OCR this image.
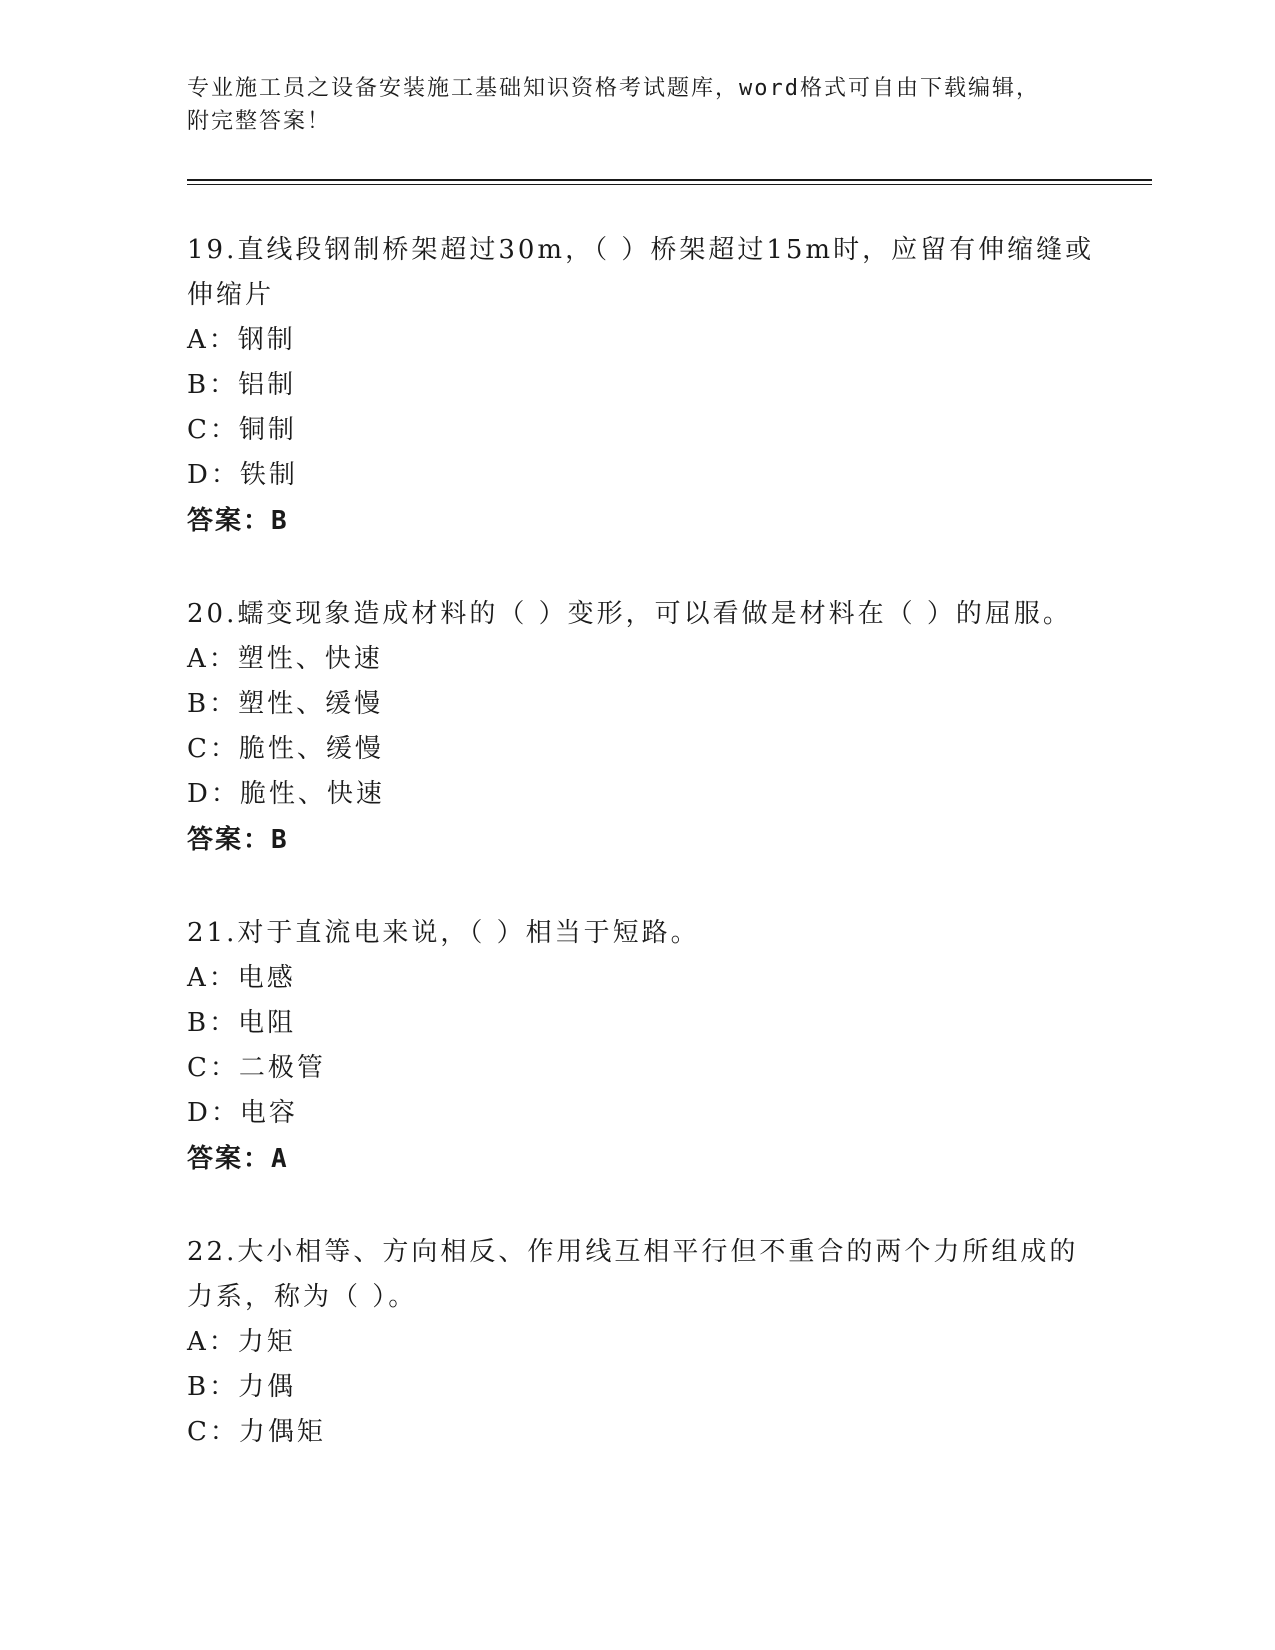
专业施工员之设备安装施工基础知识资格考试题库，word格式可自由下载编辑，
附完整答案！
19.直线段钢制桥架超过30m，（ ）桥架超过15m时，应留有伸缩缝或
伸缩片
A：钢制
B：铝制
C：铜制
D：铁制
答案：B
20.蠕变现象造成材料的（ ）变形，可以看做是材料在（ ）的屈服。
A：塑性、快速
B：塑性、缓慢
C：脆性、缓慢
D：脆性、快速
答案：B
21.对于直流电来说，（ ）相当于短路。
A：电感
B：电阻
C：二极管
D：电容
答案：A
22.大小相等、方向相反、作用线互相平行但不重合的两个力所组成的
力系，称为（ ）。
A：力矩
B：力偶
C：力偶矩
